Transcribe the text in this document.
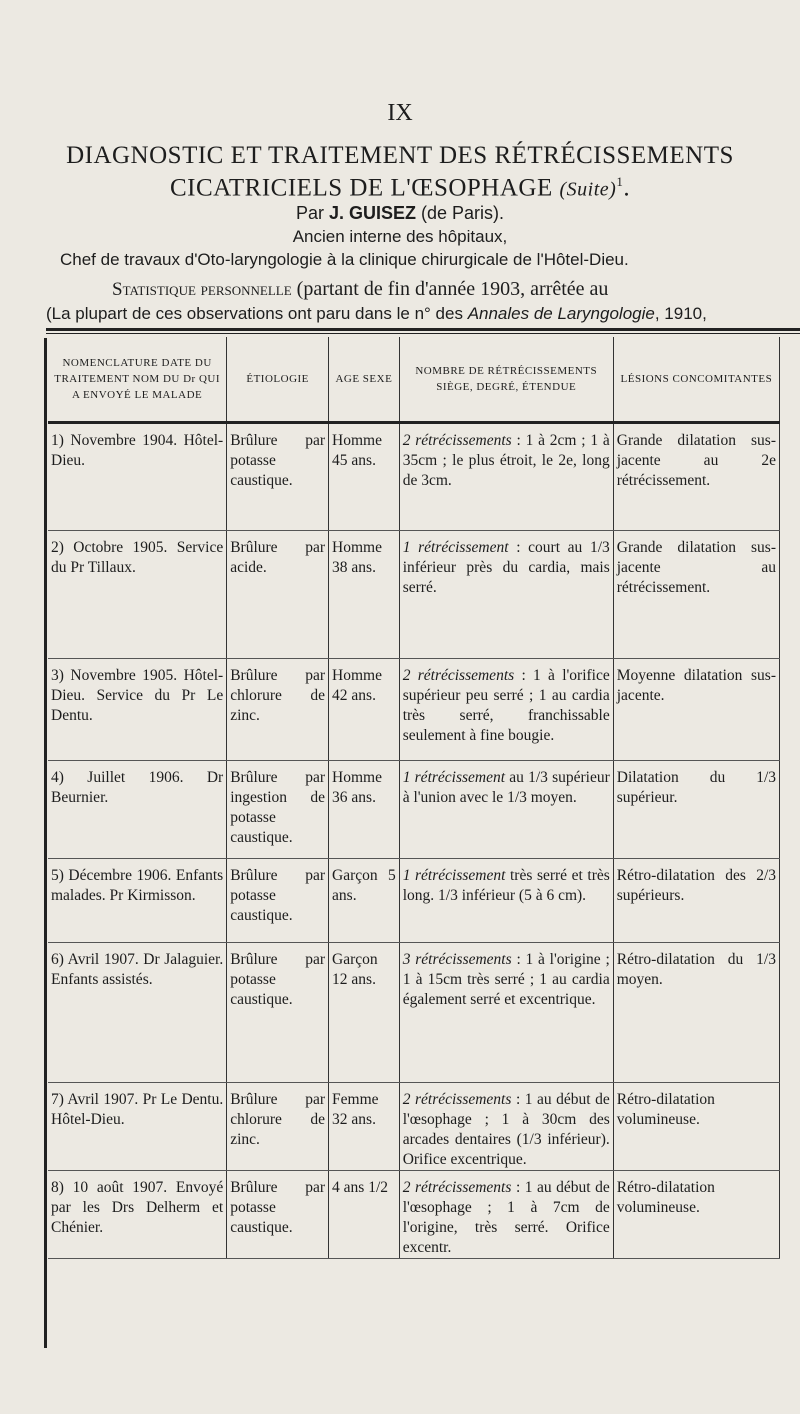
IX
DIAGNOSTIC ET TRAITEMENT DES RÉTRÉCISSEMENTS
CICATRICIELS DE L'ŒSOPHAGE (Suite)$^1$.
Par J. GUISEZ (de Paris).
Ancien interne des hôpitaux,
Chef de travaux d'Oto-laryngologie à la clinique chirurgicale de l'Hôtel-Dieu.
Statistique personnelle (partant de fin d'année 1903, arrêtée au
(La plupart de ces observations ont paru dans le n° des Annales de Laryngologie, 1910,
NOMENCLATURE DATE DU TRAITEMENT NOM DU Dr QUI A ENVOYÉ LE MALADE	ÉTIOLOGIE	AGE SEXE	NOMBRE DE RÉTRÉCISSEMENTS SIÈGE, DEGRÉ, ÉTENDUE	LÉSIONS CONCOMITANTES
1) Novembre 1904. Hôtel-Dieu.	Brûlure par potasse caustique.	Homme 45 ans.	2 rétrécissements : 1 à 2cm ; 1 à 35cm ; le plus étroit, le 2e, long de 3cm.	Grande dilatation sus-jacente au 2e rétrécissement.
2) Octobre 1905. Service du Pr Tillaux.	Brûlure par acide.	Homme 38 ans.	1 rétrécissement : court au 1/3 inférieur près du cardia, mais serré.	Grande dilatation sus-jacente au rétrécissement.
3) Novembre 1905. Hôtel-Dieu. Service du Pr Le Dentu.	Brûlure par chlorure de zinc.	Homme 42 ans.	2 rétrécissements : 1 à l'orifice supérieur peu serré ; 1 au cardia très serré, franchissable seulement à fine bougie.	Moyenne dilatation sus-jacente.
4) Juillet 1906. Dr Beurnier.	Brûlure par ingestion de potasse caustique.	Homme 36 ans.	1 rétrécissement au 1/3 supérieur à l'union avec le 1/3 moyen.	Dilatation du 1/3 supérieur.
5) Décembre 1906. Enfants malades. Pr Kirmisson.	Brûlure par potasse caustique.	Garçon 5 ans.	1 rétrécissement très serré et très long. 1/3 inférieur (5 à 6 cm).	Rétro-dilatation des 2/3 supérieurs.
6) Avril 1907. Dr Jalaguier. Enfants assistés.	Brûlure par potasse caustique.	Garçon 12 ans.	3 rétrécissements : 1 à l'origine ; 1 à 15cm très serré ; 1 au cardia également serré et excentrique.	Rétro-dilatation du 1/3 moyen.
7) Avril 1907. Pr Le Dentu. Hôtel-Dieu.	Brûlure par chlorure de zinc.	Femme 32 ans.	2 rétrécissements : 1 au début de l'œsophage ; 1 à 30cm des arcades dentaires (1/3 inférieur). Orifice excentrique.	Rétro-dilatation volumineuse.
8) 10 août 1907. Envoyé par les Drs Delherm et Chénier.	Brûlure par potasse caustique.	4 ans 1/2	2 rétrécissements : 1 au début de l'œsophage ; 1 à 7cm de l'origine, très serré. Orifice excentr.	Rétro-dilatation volumineuse.
